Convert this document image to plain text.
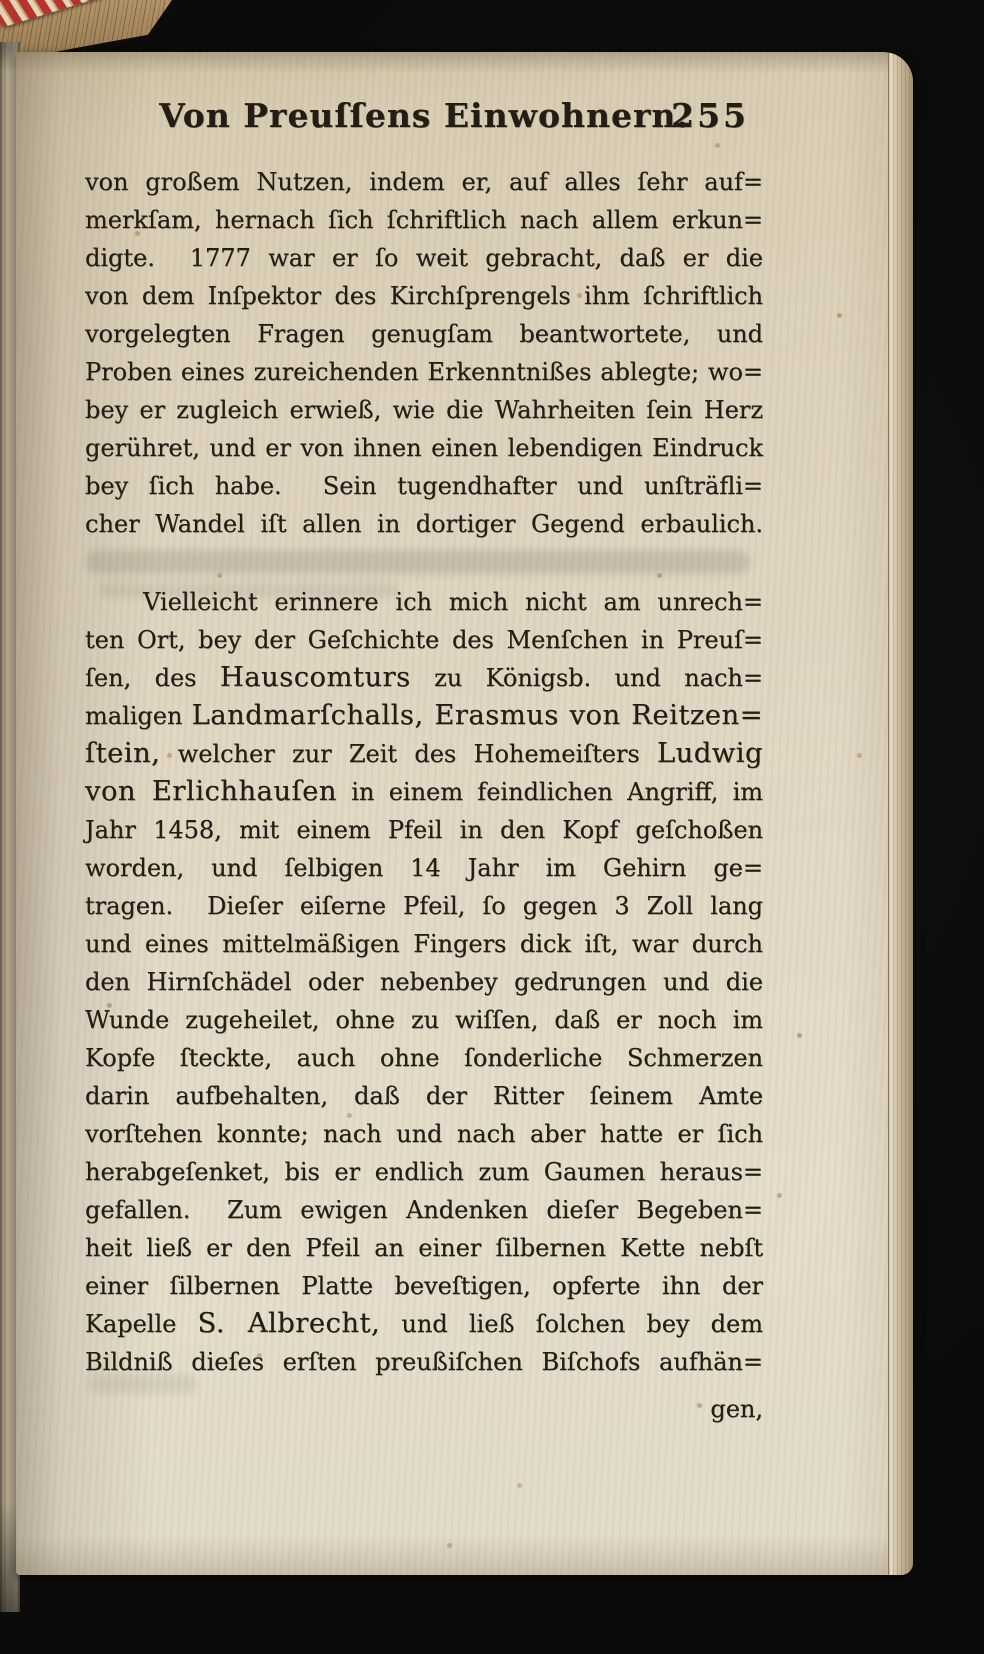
Von Preuſſens Einwohnern.
255
von großem Nutzen, indem er, auf alles ſehr auf=
merkſam, hernach ſich ſchriftlich nach allem erkun=
digte.  1777 war er ſo weit gebracht, daß er die
von dem Inſpektor des Kirchſprengels ihm ſchriftlich
vorgelegten Fragen genugſam beantwortete, und
Proben eines zureichenden Erkenntnißes ablegte; wo=
bey er zugleich erwieß, wie die Wahrheiten ſein Herz
gerühret, und er von ihnen einen lebendigen Eindruck
bey ſich habe.  Sein tugendhafter und unſträfli=
cher Wandel iſt allen in dortiger Gegend erbaulich.
Vielleicht erinnere ich mich nicht am unrech=
ten Ort, bey der Geſchichte des Menſchen in Preuſ=
ſen, des Hauscomturs zu Königsb. und nach=
maligen Landmarſchalls, Erasmus von Reitzen=
ſtein, welcher zur Zeit des Hohemeiſters Ludwig
von Erlichhauſen in einem feindlichen Angriff, im
Jahr 1458, mit einem Pfeil in den Kopf geſchoßen
worden, und ſelbigen 14 Jahr im Gehirn ge=
tragen.  Dieſer eiſerne Pfeil, ſo gegen 3 Zoll lang
und eines mittelmäßigen Fingers dick iſt, war durch
den Hirnſchädel oder nebenbey gedrungen und die
Wunde zugeheilet, ohne zu wiſſen, daß er noch im
Kopfe ſteckte, auch ohne ſonderliche Schmerzen
darin aufbehalten, daß der Ritter ſeinem Amte
vorſtehen konnte; nach und nach aber hatte er ſich
herabgeſenket, bis er endlich zum Gaumen heraus=
gefallen.  Zum ewigen Andenken dieſer Begeben=
heit ließ er den Pfeil an einer ſilbernen Kette nebſt
einer ſilbernen Platte beveſtigen, opferte ihn der
Kapelle S. Albrecht, und ließ ſolchen bey dem
Bildniß dieſes erſten preußiſchen Biſchofs aufhän=
gen,
